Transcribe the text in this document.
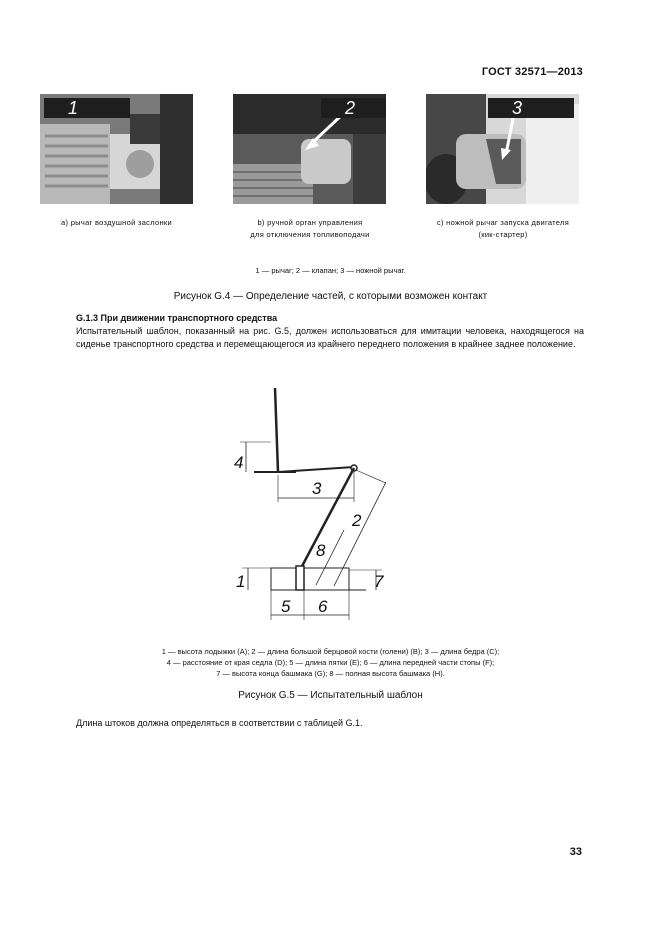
ГОСТ 32571—2013
1	2	3
а) рычаг воздушной заслонки	b) ручной орган управления
для отключения топливоподачи
c) ножной рычаг запуска двигателя
(кик-стартер)
1 — рычаг; 2 — клапан; 3 — ножной рычаг.
Рисунок G.4 — Определение частей, с которыми возможен контакт
G.1.3 При движении транспортного средства
Испытательный шаблон, показанный на рис. G.5, должен использоваться для имитации человека, находящегося на сиденье транспортного средства и перемещающегося из крайнего переднего положения в крайнее заднее положение.
4
3
2
8
1	7
5 6
1 — высота лодыжки (А); 2 — длина большой берцовой кости (голени) (В); 3 — длина бедра (С);
4 — расстояние от края седла (D); 5 — длина пятки (Е); 6 — длина передней части стопы (F);
7 — высота конца башмака (G); 8 — полная высота башмака (Н).
Рисунок G.5 — Испытательный шаблон
Длина штоков должна определяться в соответствии с таблицей G.1.
33
